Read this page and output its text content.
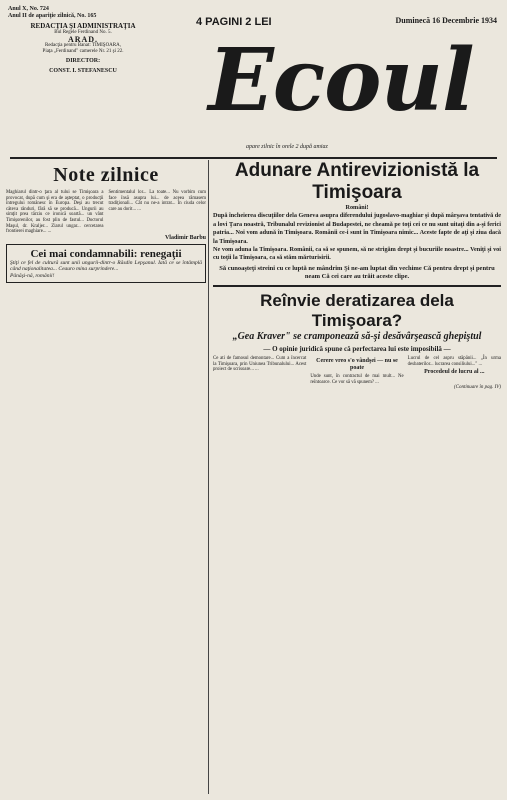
Anul X, No. 724
Anul II de apariţie zilnică, No. 165
REDACŢIA ŞI ADMINISTRAŢIA
Bul Regele Ferdinand No. 5.
ARAD.
Redacţia pentru Banat: TIMIŞOARA,
Piaţa „Ferdinand" camerele Nr. 21 şi 22.
DIRECTOR:
CONST. I. STEFANESCU
4 PAGINI 2 LEI	Duminecă 16 Decembrie 1934
Ecoul
apare zilnic în orele 2 după amiaz
Note zilnice
Maghiarul dintr-o ţara al tului se Timişoara a provocat, după cum şi era de aşteptat, o producţii întregului românesc în Europa. Deşi au trecut câteva rânduri, fără să se producă... Ungurii au simţit prea târziu ce ironică soartă... un vânt Timişorenilor, au fost plin de fastul... Doctorul Maşul, dr. Kraljer... Ziarul ungar... cercetarea frontierei maghiare... ...
Sentimentalul lor... La toate... Nu vorbim cum face însă asupra lui... de aceea rămasem tradiţionali... Cât nu ne-a intrat... În ciuda celor care au dorit... ...
Vladimir Barbu
Cei mai condamnabili: renegaţii
Ştiţi ce fel de cultură sunt unii ungurii-dintr-o Răsdin Lepşanul. Iată ce se întâmplă când naţionalitatea... Ceauro mina surprindere...
Pânăşi-nă, romănii!
Adunare Antirevizionistă la Timişoara
Români!
După încheierea discuţiilor dela Geneva asupra diferendului jugoslavo-maghiar şi după mârşava tentativă de a lovi Ţara noastră, Tribunalul revizionist al Budapestei, ne cheamă pe toţi cei ce nu sunt uitaţi din a-şi ferici patria... Noi vom adună în Timişoara. Românii ce-i sunt în Timişoara nimic... Aceste fapte de aţi şi ziua dacă la Timişoara.
Ne vom aduna la Timişoara. Românii, ca să se spunem, să ne strigăm drept şi bucuriile noastre... Veniţi şi voi cu toţii la Timişoara, ca să stăm mărturisirii.
Să cunoaşteţi streini cu ce luptă ne mândrim Şi ne-am luptat din vechime Că pentru drept şi pentru neam Că cei care au trăit aceste clipe.
Reînvie deratizarea dela Timişoara?
„Gea Kraver" se cramponează să-şi desăvârşească ghepiştul
— O opinie juridică spune că perfectarea lui este imposibilă —
Ce ati de famosul demontare... Cum a încercat la Timişoara, prin Uniunea Tribunalului... Acest proiect de scrisoare... ...
Cerere vreo s'o vândşei — nu se poate
Unde sunt, în contractul de mai mult... Ne reîntoarce. Ce vor să vă spunem? ...
Lucrul de cel aspru stăpânii... „În urma desbaterilor... lucrarea consiliului..." ...
Procedeul de lucru al ...
(Continuare în pag. IV)
